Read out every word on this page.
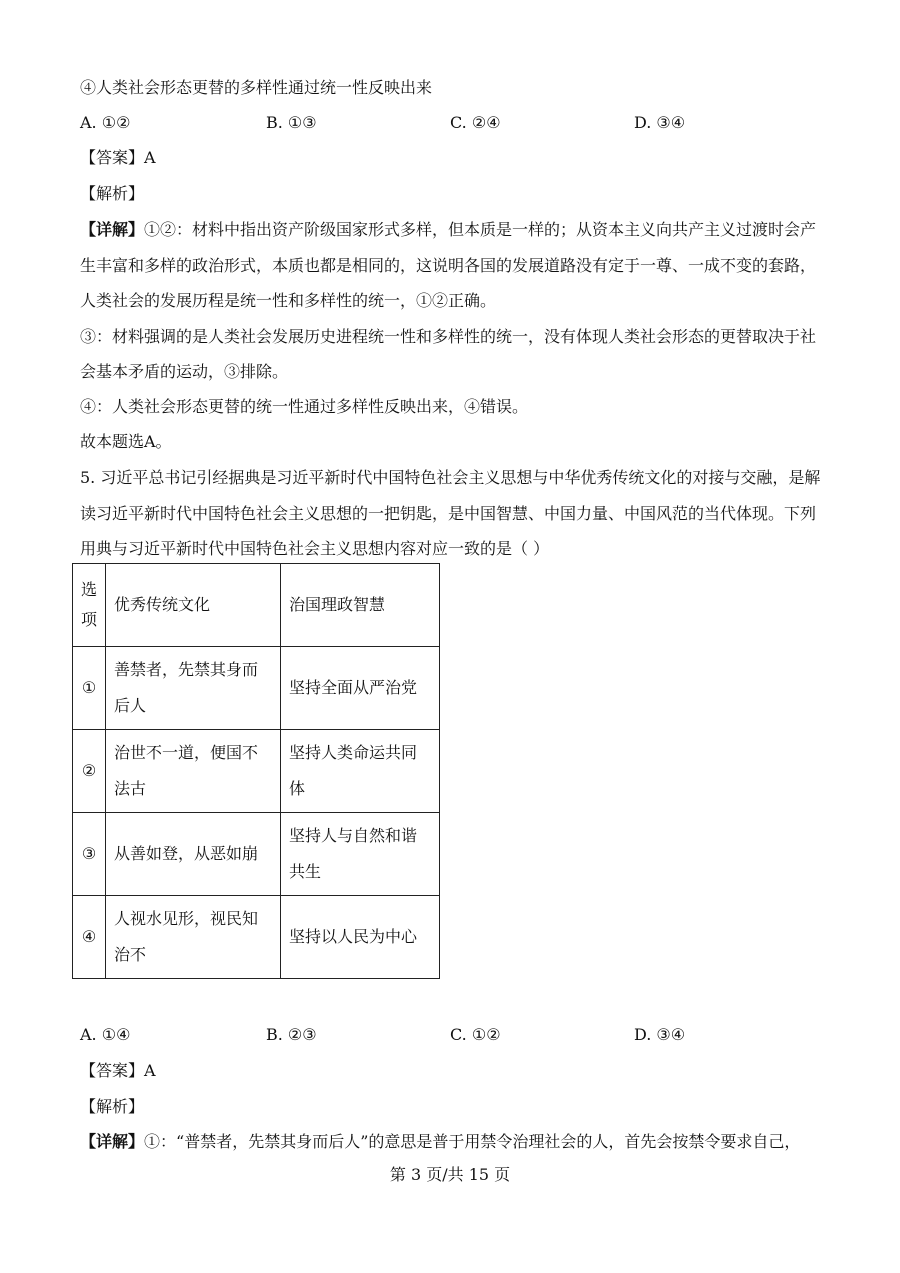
④人类社会形态更替的多样性通过统一性反映出来
A. ①②	B. ①③	C. ②④	D. ③④
【答案】A
【解析】
【详解】①②：材料中指出资产阶级国家形式多样，但本质是一样的；从资本主义向共产主义过渡时会产
生丰富和多样的政治形式，本质也都是相同的，这说明各国的发展道路没有定于一尊、一成不变的套路，
人类社会的发展历程是统一性和多样性的统一，①②正确。
③：材料强调的是人类社会发展历史进程统一性和多样性的统一，没有体现人类社会形态的更替取决于社
会基本矛盾的运动，③排除。
④：人类社会形态更替的统一性通过多样性反映出来，④错误。
故本题选A。
5. 习近平总书记引经据典是习近平新时代中国特色社会主义思想与中华优秀传统文化的对接与交融，是解
读习近平新时代中国特色社会主义思想的一把钥匙，是中国智慧、中国力量、中国风范的当代体现。下列
用典与习近平新时代中国特色社会主义思想内容对应一致的是（ ）
选项	优秀传统文化	治国理政智慧
①	善禁者，先禁其身而后人	坚持全面从严治党
②	治世不一道，便国不法古	坚持人类命运共同体
③	从善如登，从恶如崩	坚持人与自然和谐共生
④	人视水见形，视民知治不	坚持以人民为中心
A. ①④	B. ②③	C. ①②	D. ③④
【答案】A
【解析】
【详解】①：“普禁者，先禁其身而后人”的意思是普于用禁令治理社会的人，首先会按禁令要求自己，
第 3 页/共 15 页
